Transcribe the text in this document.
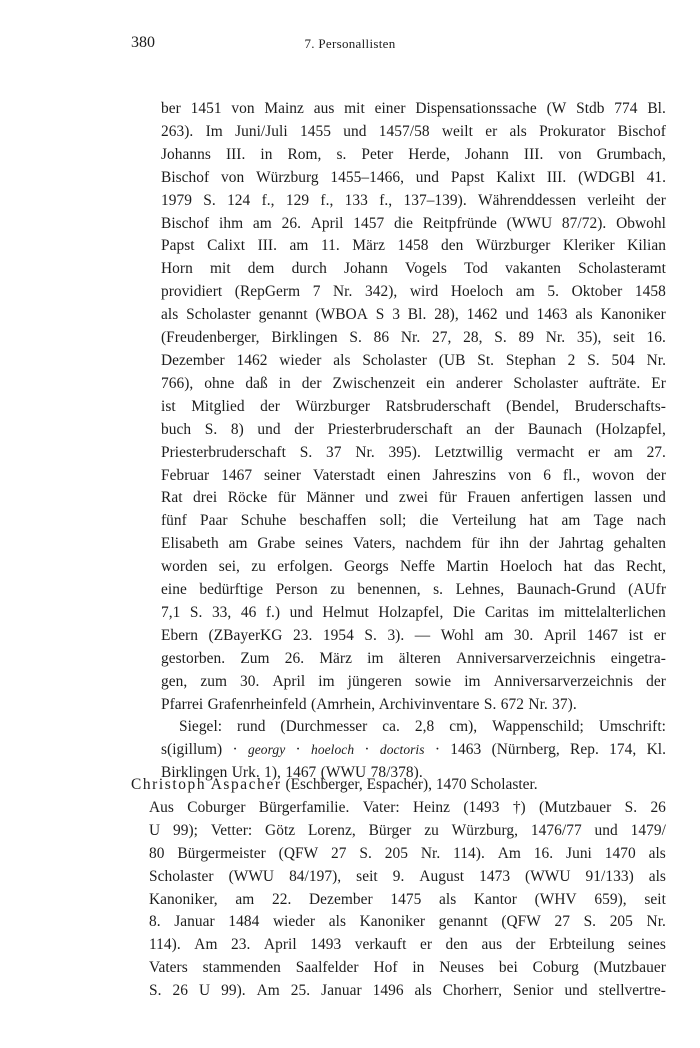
380	7. Personallisten
ber 1451 von Mainz aus mit einer Dispensationssache (W Stdb 774 Bl.
263). Im Juni/Juli 1455 und 1457/58 weilt er als Prokurator Bischof
Johanns III. in Rom, s. Peter Herde, Johann III. von Grumbach,
Bischof von Würzburg 1455–1466, und Papst Kalixt III. (WDGBl 41.
1979 S. 124 f., 129 f., 133 f., 137–139). Währenddessen verleiht der
Bischof ihm am 26. April 1457 die Reitpfründe (WWU 87/72). Obwohl
Papst Calixt III. am 11. März 1458 den Würzburger Kleriker Kilian
Horn mit dem durch Johann Vogels Tod vakanten Scholasteramt
providiert (RepGerm 7 Nr. 342), wird Hoeloch am 5. Oktober 1458
als Scholaster genannt (WBOA S 3 Bl. 28), 1462 und 1463 als Kanoniker
(Freudenberger, Birklingen S. 86 Nr. 27, 28, S. 89 Nr. 35), seit 16.
Dezember 1462 wieder als Scholaster (UB St. Stephan 2 S. 504 Nr.
766), ohne daß in der Zwischenzeit ein anderer Scholaster aufträte. Er
ist Mitglied der Würzburger Ratsbruderschaft (Bendel, Bruderschafts-
buch S. 8) und der Priesterbruderschaft an der Baunach (Holzapfel,
Priesterbruderschaft S. 37 Nr. 395). Letztwillig vermacht er am 27.
Februar 1467 seiner Vaterstadt einen Jahreszins von 6 fl., wovon der
Rat drei Röcke für Männer und zwei für Frauen anfertigen lassen und
fünf Paar Schuhe beschaffen soll; die Verteilung hat am Tage nach
Elisabeth am Grabe seines Vaters, nachdem für ihn der Jahrtag gehalten
worden sei, zu erfolgen. Georgs Neffe Martin Hoeloch hat das Recht,
eine bedürftige Person zu benennen, s. Lehnes, Baunach-Grund (AUfr
7,1 S. 33, 46 f.) und Helmut Holzapfel, Die Caritas im mittelalterlichen
Ebern (ZBayerKG 23. 1954 S. 3). — Wohl am 30. April 1467 ist er
gestorben. Zum 26. März im älteren Anniversarverzeichnis eingetra-
gen, zum 30. April im jüngeren sowie im Anniversarverzeichnis der
Pfarrei Grafenrheinfeld (Amrhein, Archivinventare S. 672 Nr. 37).
Siegel: rund (Durchmesser ca. 2,8 cm), Wappenschild; Umschrift:
s(igillum) · georgy · hoeloch · doctoris · 1463 (Nürnberg, Rep. 174, Kl.
Birklingen Urk. 1), 1467 (WWU 78/378).
Christoph Aspacher (Eschberger, Espacher), 1470 Scholaster.
Aus Coburger Bürgerfamilie. Vater: Heinz (1493 †) (Mutzbauer S. 26
U 99); Vetter: Götz Lorenz, Bürger zu Würzburg, 1476/77 und 1479/
80 Bürgermeister (QFW 27 S. 205 Nr. 114). Am 16. Juni 1470 als
Scholaster (WWU 84/197), seit 9. August 1473 (WWU 91/133) als
Kanoniker, am 22. Dezember 1475 als Kantor (WHV 659), seit
8. Januar 1484 wieder als Kanoniker genannt (QFW 27 S. 205 Nr.
114). Am 23. April 1493 verkauft er den aus der Erbteilung seines
Vaters stammenden Saalfelder Hof in Neuses bei Coburg (Mutzbauer
S. 26 U 99). Am 25. Januar 1496 als Chorherr, Senior und stellvertre-
